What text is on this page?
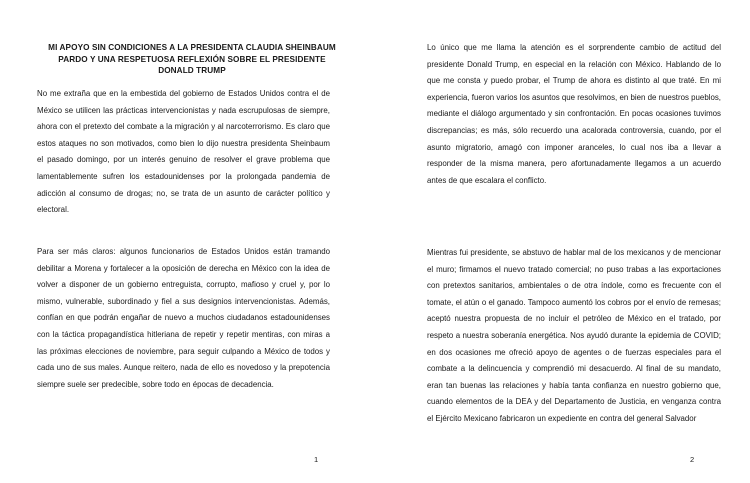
MI APOYO SIN CONDICIONES A LA PRESIDENTA CLAUDIA SHEINBAUM PARDO Y UNA RESPETUOSA REFLEXIÓN SOBRE EL PRESIDENTE DONALD TRUMP

No me extraña que en la embestida del gobierno de Estados Unidos contra el de México se utilicen las prácticas intervencionistas y nada escrupulosas de siempre, ahora con el pretexto del combate a la migración y al narcoterrorismo. Es claro que estos ataques no son motivados, como bien lo dijo nuestra presidenta Sheinbaum el pasado domingo, por un interés genuino de resolver el grave problema que lamentablemente sufren los estadounidenses por la prolongada pandemia de adicción al consumo de drogas; no, se trata de un asunto de carácter político y electoral.

Para ser más claros: algunos funcionarios de Estados Unidos están tramando debilitar a Morena y fortalecer a la oposición de derecha en México con la idea de volver a disponer de un gobierno entreguista, corrupto, mafioso y cruel y, por lo mismo, vulnerable, subordinado y fiel a sus designios intervencionistas. Además, confían en que podrán engañar de nuevo a muchos ciudadanos estadounidenses con la táctica propagandística hitleriana de repetir y repetir mentiras, con miras a las próximas elecciones de noviembre, para seguir culpando a México de todos y cada uno de sus males. Aunque reitero, nada de ello es novedoso y la prepotencia siempre suele ser predecible, sobre todo en épocas de decadencia.

1

Lo único que me llama la atención es el sorprendente cambio de actitud del presidente Donald Trump, en especial en la relación con México. Hablando de lo que me consta y puedo probar, el Trump de ahora es distinto al que traté. En mi experiencia, fueron varios los asuntos que resolvimos, en bien de nuestros pueblos, mediante el diálogo argumentado y sin confrontación. En pocas ocasiones tuvimos discrepancias; es más, sólo recuerdo una acalorada controversia, cuando, por el asunto migratorio, amagó con imponer aranceles, lo cual nos iba a llevar a responder de la misma manera, pero afortunadamente llegamos a un acuerdo antes de que escalara el conflicto.

Mientras fui presidente, se abstuvo de hablar mal de los mexicanos y de mencionar el muro; firmamos el nuevo tratado comercial; no puso trabas a las exportaciones con pretextos sanitarios, ambientales o de otra índole, como es frecuente con el tomate, el atún o el ganado. Tampoco aumentó los cobros por el envío de remesas; aceptó nuestra propuesta de no incluir el petróleo de México en el tratado, por respeto a nuestra soberanía energética. Nos ayudó durante la epidemia de COVID; en dos ocasiones me ofreció apoyo de agentes o de fuerzas especiales para el combate a la delincuencia y comprendió mi desacuerdo. Al final de su mandato, eran tan buenas las relaciones y había tanta confianza en nuestro gobierno que, cuando elementos de la DEA y del Departamento de Justicia, en venganza contra el Ejército Mexicano fabricaron un expediente en contra del general Salvador

2
